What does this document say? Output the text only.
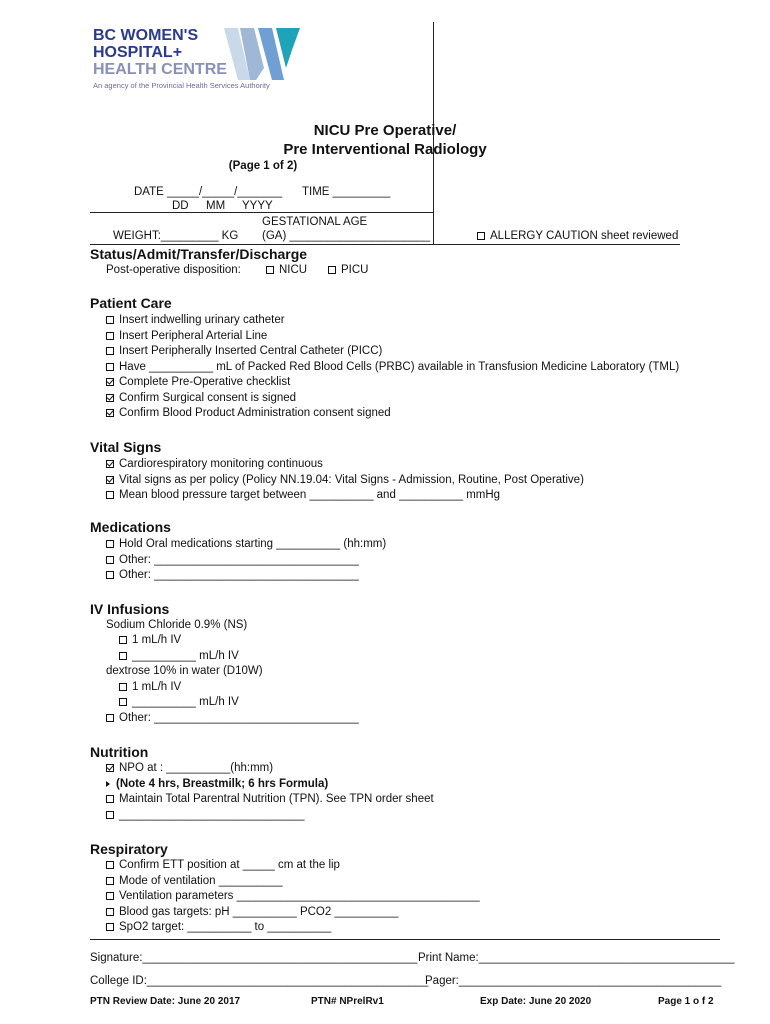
BC WOMEN'S
HOSPITAL+
HEALTH CENTRE
An agency of the Provincial Health Services Authority
NICU Pre Operative/
Pre Interventional Radiology
(Page 1 of 2)
DATE _____/_____/_______ TIME _________
DD MM YYYY
GESTATIONAL AGE
WEIGHT:_________ KG (GA) ______________________	ALLERGY CAUTION sheet reviewed
Status/Admit/Transfer/Discharge
Post-operative disposition:	NICU	PICU
Patient Care
Insert indwelling urinary catheter
Insert Peripheral Arterial Line
Insert Peripherally Inserted Central Catheter (PICC)
Have __________ mL of Packed Red Blood Cells (PRBC) available in Transfusion Medicine Laboratory (TML)
Complete Pre-Operative checklist
Confirm Surgical consent is signed
Confirm Blood Product Administration consent signed
Vital Signs
Cardiorespiratory monitoring continuous
Vital signs as per policy (Policy NN.19.04: Vital Signs - Admission, Routine, Post Operative)
Mean blood pressure target between __________ and __________ mmHg
Medications
Hold Oral medications starting __________ (hh:mm)
Other: ________________________________
Other: ________________________________
IV Infusions
Sodium Chloride 0.9% (NS)
1 mL/h IV
__________ mL/h IV
dextrose 10% in water (D10W)
1 mL/h IV
__________ mL/h IV
Other: ________________________________
Nutrition
NPO at : __________(hh:mm)
(Note 4 hrs, Breastmilk; 6 hrs Formula)
Maintain Total Parentral Nutrition (TPN). See TPN order sheet
_____________________________
Respiratory
Confirm ETT position at _____ cm at the lip
Mode of ventilation __________
Ventilation parameters ______________________________________
Blood gas targets: pH __________ PCO2 __________
SpO2 target: __________ to __________
Signature:___________________________________________ Print Name:________________________________________
College ID:____________________________________________
Pager:_________________________________________
PTN Review Date: June 20 2017	PTN# NPrelRv1	Exp Date: June 20 2020	Page 1 o f 2
